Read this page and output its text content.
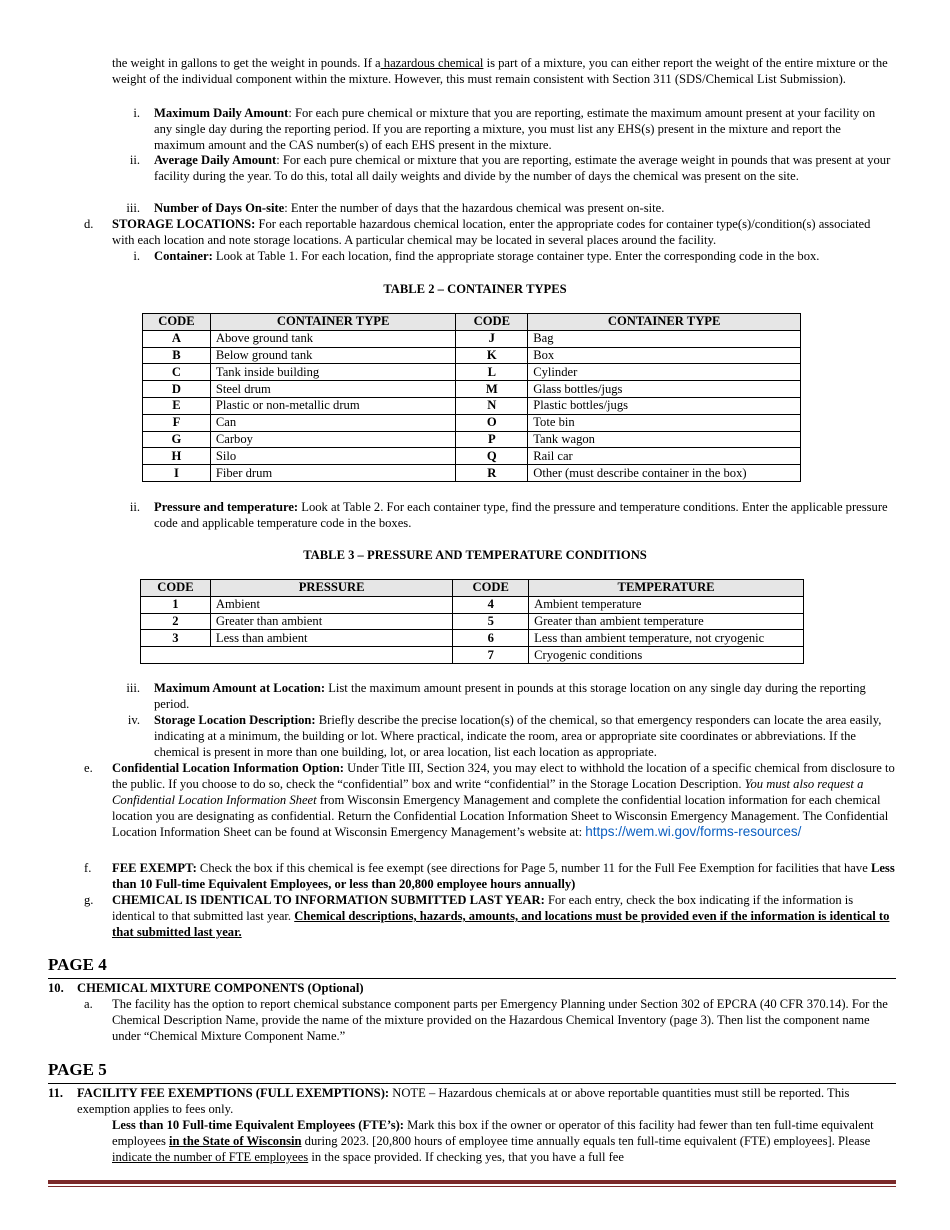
the weight in gallons to get the weight in pounds. If a hazardous chemical is part of a mixture, you can either report the weight of the entire mixture or the weight of the individual component within the mixture. However, this must remain consistent with Section 311 (SDS/Chemical List Submission).
i. Maximum Daily Amount: For each pure chemical or mixture that you are reporting, estimate the maximum amount present at your facility on any single day during the reporting period. If you are reporting a mixture, you must list any EHS(s) present in the mixture and report the maximum amount and the CAS number(s) of each EHS present in the mixture.
ii. Average Daily Amount: For each pure chemical or mixture that you are reporting, estimate the average weight in pounds that was present at your facility during the year. To do this, total all daily weights and divide by the number of days the chemical was present on the site.
iii. Number of Days On-site: Enter the number of days that the hazardous chemical was present on-site.
d. STORAGE LOCATIONS: For each reportable hazardous chemical location, enter the appropriate codes for container type(s)/condition(s) associated with each location and note storage locations. A particular chemical may be located in several places around the facility.
i. Container: Look at Table 1. For each location, find the appropriate storage container type. Enter the corresponding code in the box.
TABLE 2 – CONTAINER TYPES
CODE	CONTAINER TYPE	CODE	CONTAINER TYPE
A	Above ground tank	J	Bag
B	Below ground tank	K	Box
C	Tank inside building	L	Cylinder
D	Steel drum	M	Glass bottles/jugs
E	Plastic or non-metallic drum	N	Plastic bottles/jugs
F	Can	O	Tote bin
G	Carboy	P	Tank wagon
H	Silo	Q	Rail car
I	Fiber drum	R	Other (must describe container in the box)
ii. Pressure and temperature: Look at Table 2. For each container type, find the pressure and temperature conditions. Enter the applicable pressure code and applicable temperature code in the boxes.
TABLE 3 – PRESSURE AND TEMPERATURE CONDITIONS
CODE	PRESSURE	CODE	TEMPERATURE
1	Ambient	4	Ambient temperature
2	Greater than ambient	5	Greater than ambient temperature
3	Less than ambient	6	Less than ambient temperature, not cryogenic
		7	Cryogenic conditions
iii. Maximum Amount at Location: List the maximum amount present in pounds at this storage location on any single day during the reporting period.
iv. Storage Location Description: Briefly describe the precise location(s) of the chemical, so that emergency responders can locate the area easily, indicating at a minimum, the building or lot. Where practical, indicate the room, area or appropriate site coordinates or abbreviations. If the chemical is present in more than one building, lot, or area location, list each location as appropriate.
e. Confidential Location Information Option: Under Title III, Section 324, you may elect to withhold the location of a specific chemical from disclosure to the public. If you choose to do so, check the “confidential” box and write “confidential” in the Storage Location Description. You must also request a Confidential Location Information Sheet from Wisconsin Emergency Management and complete the confidential location information for each chemical location you are designating as confidential. Return the Confidential Location Information Sheet to Wisconsin Emergency Management. The Confidential Location Information Sheet can be found at Wisconsin Emergency Management’s website at: https://wem.wi.gov/forms-resources/
f. FEE EXEMPT: Check the box if this chemical is fee exempt (see directions for Page 5, number 11 for the Full Fee Exemption for facilities that have Less than 10 Full-time Equivalent Employees, or less than 20,800 employee hours annually)
g. CHEMICAL IS IDENTICAL TO INFORMATION SUBMITTED LAST YEAR: For each entry, check the box indicating if the information is identical to that submitted last year. Chemical descriptions, hazards, amounts, and locations must be provided even if the information is identical to that submitted last year.
PAGE 4
10. CHEMICAL MIXTURE COMPONENTS (Optional)
a. The facility has the option to report chemical substance component parts per Emergency Planning under Section 302 of EPCRA (40 CFR 370.14). For the Chemical Description Name, provide the name of the mixture provided on the Hazardous Chemical Inventory (page 3). Then list the component name under “Chemical Mixture Component Name.”
PAGE 5
11. FACILITY FEE EXEMPTIONS (FULL EXEMPTIONS): NOTE – Hazardous chemicals at or above reportable quantities must still be reported. This exemption applies to fees only.
Less than 10 Full-time Equivalent Employees (FTE’s): Mark this box if the owner or operator of this facility had fewer than ten full-time equivalent employees in the State of Wisconsin during 2023. [20,800 hours of employee time annually equals ten full-time equivalent (FTE) employees]. Please indicate the number of FTE employees in the space provided. If checking yes, that you have a full fee
